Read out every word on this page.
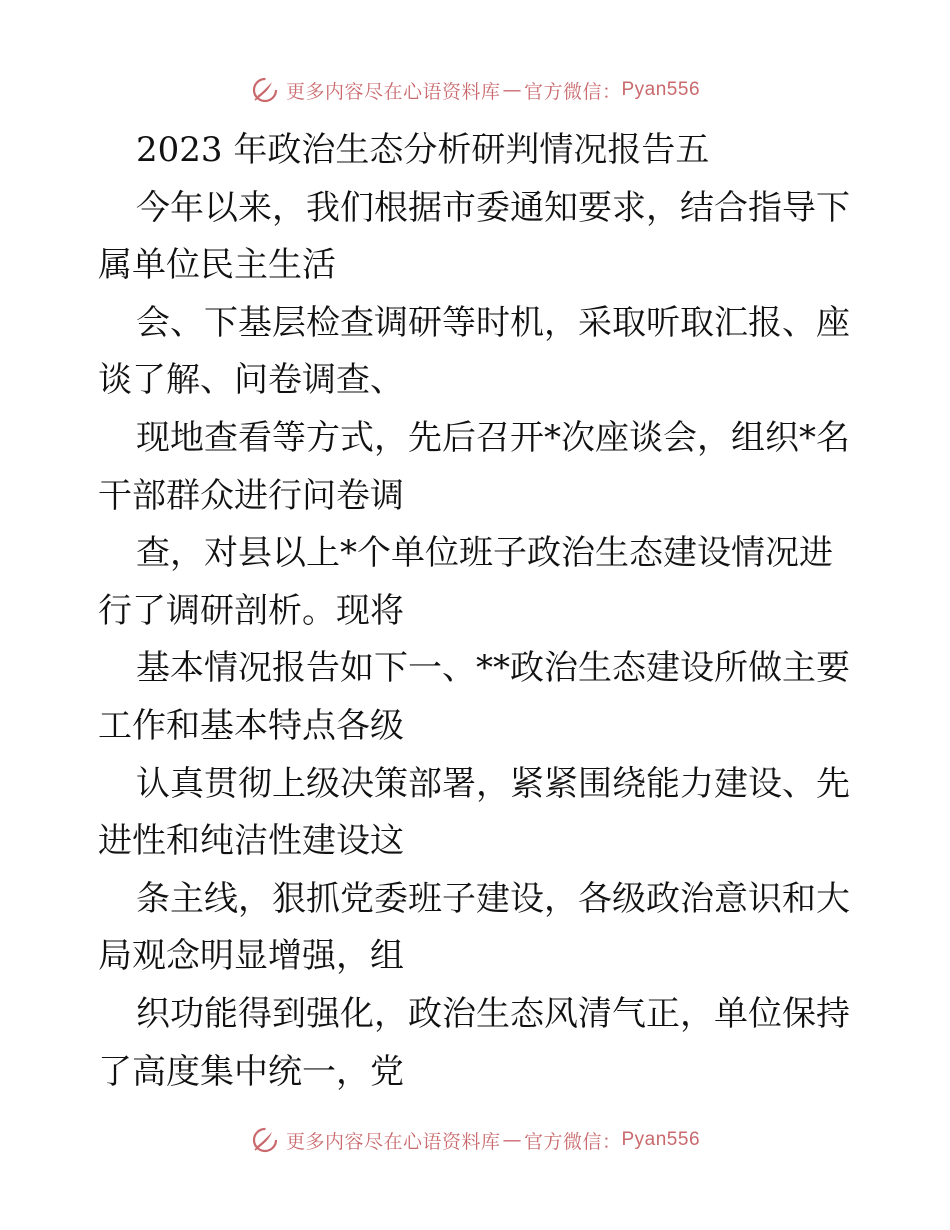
更多内容尽在心语资料库 — 官方微信： Pyan556
2023 年政治生态分析研判情况报告五
今年以来，我们根据市委通知要求，结合指导下
属单位民主生活
会、下基层检查调研等时机，采取听取汇报、座
谈了解、问卷调查、
现地查看等方式，先后召开*次座谈会，组织*名
干部群众进行问卷调
查，对县以上*个单位班子政治生态建设情况进
行了调研剖析。现将
基本情况报告如下一、**政治生态建设所做主要
工作和基本特点各级
认真贯彻上级决策部署，紧紧围绕能力建设、先
进性和纯洁性建设这
条主线，狠抓党委班子建设，各级政治意识和大
局观念明显增强，组
织功能得到强化，政治生态风清气正，单位保持
了高度集中统一，党
更多内容尽在心语资料库 — 官方微信： Pyan556
